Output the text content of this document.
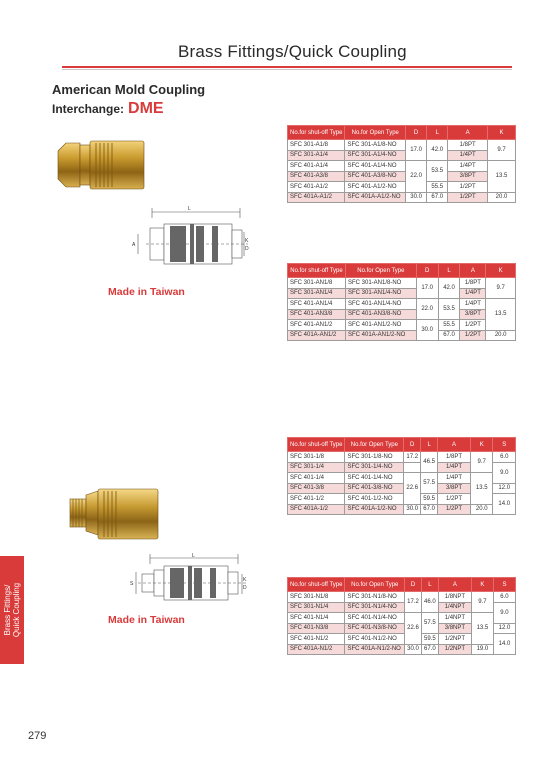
Brass Fittings/Quick Coupling
American Mold Coupling
Interchange: DME
L
A
K
D
L
S
K
D
Made in Taiwan
Made in Taiwan
No.for shut-off Type	No.for Open Type	D	L	A	K
SFC 301-A1/8	SFC 301-A1/8-NO	17.0	42.0	1/8PT	9.7
SFC 301-A1/4	SFC 301-A1/4-NO			1/4PT	
SFC 401-A1/4	SFC 401-A1/4-NO	22.0	53.5	1/4PT	13.5
SFC 401-A3/8	SFC 401-A3/8-NO			3/8PT	
SFC 401-A1/2	SFC 401-A1/2-NO		55.5	1/2PT	
SFC 401A-A1/2	SFC 401A-A1/2-NO	30.0	67.0	1/2PT	20.0
No.for shut-off Type	No.for Open Type	D	L	A	K
SFC 301-AN1/8	SFC 301-AN1/8-NO	17.0	42.0	1/8PT	9.7
SFC 301-AN1/4	SFC 301-AN1/4-NO			1/4PT	
SFC 401-AN1/4	SFC 401-AN1/4-NO	22.0	53.5	1/4PT	13.5
SFC 401-AN3/8	SFC 401-AN3/8-NO			3/8PT	
SFC 401-AN1/2	SFC 401-AN1/2-NO	30.0	55.5	1/2PT	
SFC 401A-AN1/2	SFC 401A-AN1/2-NO		67.0	1/2PT	20.0
No.for shut-off Type	No.for Open Type	D	L	A	K	S
SFC 301-1/8	SFC 301-1/8-NO	17.2	46.5	1/8PT	9.7	6.0
SFC 301-1/4	SFC 301-1/4-NO			1/4PT		9.0
SFC 401-1/4	SFC 401-1/4-NO	22.6	57.5	1/4PT	13.5	
SFC 401-3/8	SFC 401-3/8-NO			3/8PT		12.0
SFC 401-1/2	SFC 401-1/2-NO		59.5	1/2PT		14.0
SFC 401A-1/2	SFC 401A-1/2-NO	30.0	67.0	1/2PT	20.0	
No.for shut-off Type	No.for Open Type	D	L	A	K	S
SFC 301-N1/8	SFC 301-N1/8-NO	17.2	46.0	1/8NPT	9.7	6.0
SFC 301-N1/4	SFC 301-N1/4-NO			1/4NPT		9.0
SFC 401-N1/4	SFC 401-N1/4-NO	22.6	57.5	1/4NPT	13.5	
SFC 401-N3/8	SFC 401-N3/8-NO			3/8NPT		12.0
SFC 401-N1/2	SFC 401-N1/2-NO		59.5	1/2NPT		14.0
SFC 401A-N1/2	SFC 401A-N1/2-NO	30.0	67.0	1/2NPT	19.0	
Brass Fittings/ Quick Coupling
279
